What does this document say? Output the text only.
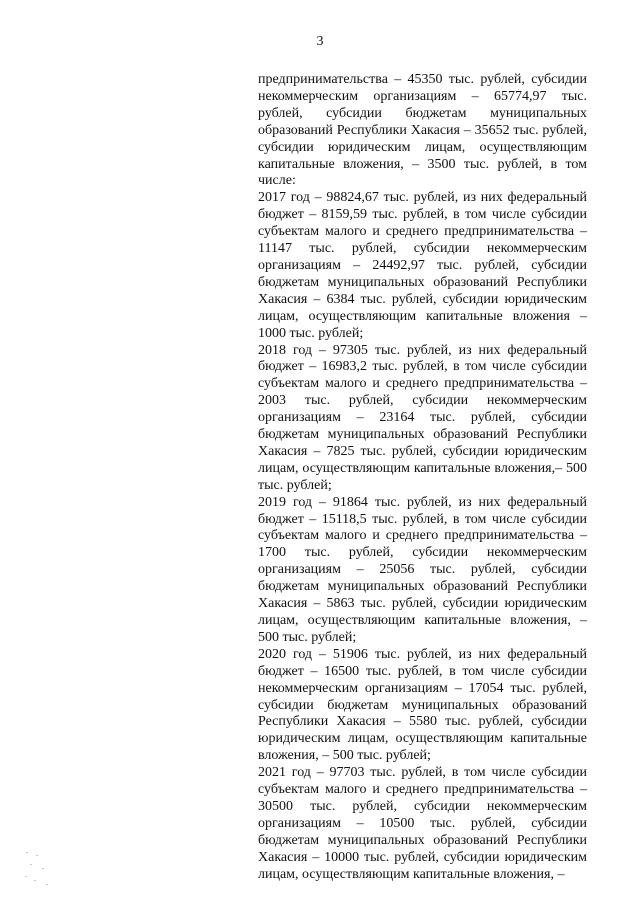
3

предпринимательства – 45350 тыс. рублей, субсидии некоммерческим организациям – 65774,97 тыс. рублей, субсидии бюджетам муниципальных образований Республики Хакасия – 35652 тыс. рублей, субсидии юридическим лицам, осуществляющим капитальные вложения, – 3500 тыс. рублей, в том числе:

2017 год – 98824,67 тыс. рублей, из них федеральный бюджет – 8159,59 тыс. рублей, в том числе субсидии субъектам малого и среднего предпринимательства – 11147 тыс. рублей, субсидии некоммерческим организациям – 24492,97 тыс. рублей, субсидии бюджетам муниципальных образований Республики Хакасия – 6384 тыс. рублей, субсидии юридическим лицам, осуществляющим капитальные вложения – 1000 тыс. рублей;

2018 год – 97305 тыс. рублей, из них федеральный бюджет – 16983,2 тыс. рублей, в том числе субсидии субъектам малого и среднего предпринимательства – 2003 тыс. рублей, субсидии некоммерческим организациям – 23164 тыс. рублей, субсидии бюджетам муниципальных образований Республики Хакасия – 7825 тыс. рублей, субсидии юридическим лицам, осуществляющим капитальные вложения,– 500 тыс. рублей;

2019 год – 91864 тыс. рублей, из них федеральный бюджет – 15118,5 тыс. рублей, в том числе субсидии субъектам малого и среднего предпринимательства – 1700 тыс. рублей, субсидии некоммерческим организациям – 25056 тыс. рублей, субсидии бюджетам муниципальных образований Республики Хакасия – 5863 тыс. рублей, субсидии юридическим лицам, осуществляющим капитальные вложения, – 500 тыс. рублей;

2020 год – 51906 тыс. рублей, из них федеральный бюджет – 16500 тыс. рублей, в том числе субсидии некоммерческим организациям – 17054 тыс. рублей, субсидии бюджетам муниципальных образований Республики Хакасия – 5580 тыс. рублей, субсидии юридическим лицам, осуществляющим капитальные вложения, – 500 тыс. рублей;

2021 год – 97703 тыс. рублей, в том числе субсидии субъектам малого и среднего предпринимательства – 30500 тыс. рублей, субсидии некоммерческим организациям – 10500 тыс. рублей, субсидии бюджетам муниципальных образований Республики Хакасия – 10000 тыс. рублей, субсидии юридическим лицам, осуществляющим капитальные вложения, –
